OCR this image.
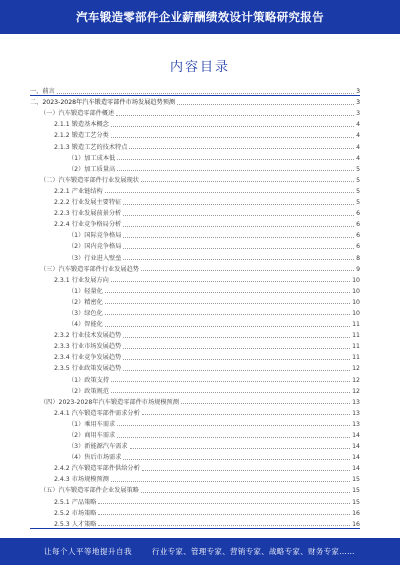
汽车锻造零部件企业薪酬绩效设计策略研究报告
内容目录
一、前言	3
二、2023-2028年汽车锻造零部件市场发展趋势预测	3
（一）汽车锻造零部件概述	3
2.1.1 锻造基本概念	4
2.1.2 锻造工艺分类	4
2.1.3 锻造工艺的技术特点	4
（1）加工成本低	4
（2）加工质量高	5
（二）汽车锻造零部件行业发展现状	5
2.2.1 产业链结构	5
2.2.2 行业发展主要特征	5
2.2.3 行业发展前景分析	6
2.2.4 行业竞争格局分析	6
（1）国际竞争格局	6
（2）国内竞争格局	6
（3）行业进入壁垒	8
（三）汽车锻造零部件行业发展趋势	9
2.3.1 行业发展方向	10
（1）轻量化	10
（2）精密化	10
（3）绿色化	10
（4）智能化	11
2.3.2 行业技术发展趋势	11
2.3.3 行业市场发展趋势	11
2.3.4 行业竞争发展趋势	11
2.3.5 行业政策发展趋势	12
（1）政策支持	12
（2）政策规范	12
（四）2023-2028年汽车锻造零部件市场规模预测	13
2.4.1 汽车锻造零部件需求分析	13
（1）乘用车需求	13
（2）商用车需求	14
（3）新能源汽车需求	14
（4）售后市场需求	14
2.4.2 汽车锻造零部件供给分析	14
2.4.3 市场规模预测	15
（五）汽车锻造零部件企业发展策略	15
2.5.1 产品策略	15
2.5.2 市场策略	16
2.5.3 人才策略	16
让每个人平等地提升自我	行业专家、管理专家、营销专家、战略专家、财务专家……
